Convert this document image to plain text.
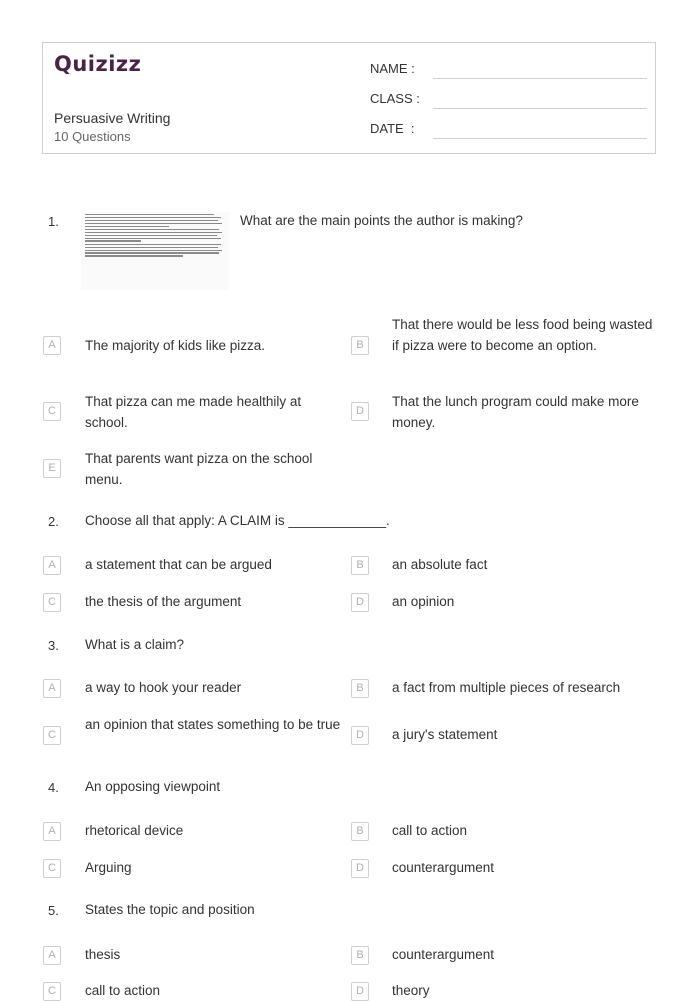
Quizizz
Persuasive Writing
10 Questions
NAME :
CLASS :
DATE  :
1.	What are the main points the author is making?
A	The majority of kids like pizza.	B
That there would be less food being wasted if pizza were to become an option.
C
That pizza can me made healthily at school.
D
That the lunch program could make more money.
E
That parents want pizza on the school menu.
2.	Choose all that apply: A CLAIM is _____________.
A	a statement that can be argued	B	an absolute fact
C	the thesis of the argument	D	an opinion
3.	What is a claim?
A	a way to hook your reader	B	a fact from multiple pieces of research
C
an opinion that states something to be true
D	a jury's statement
4.	An opposing viewpoint
A	rhetorical device	B	call to action
C	Arguing	D	counterargument
5.	States the topic and position
A	thesis	B	counterargument
C	call to action	D	theory
